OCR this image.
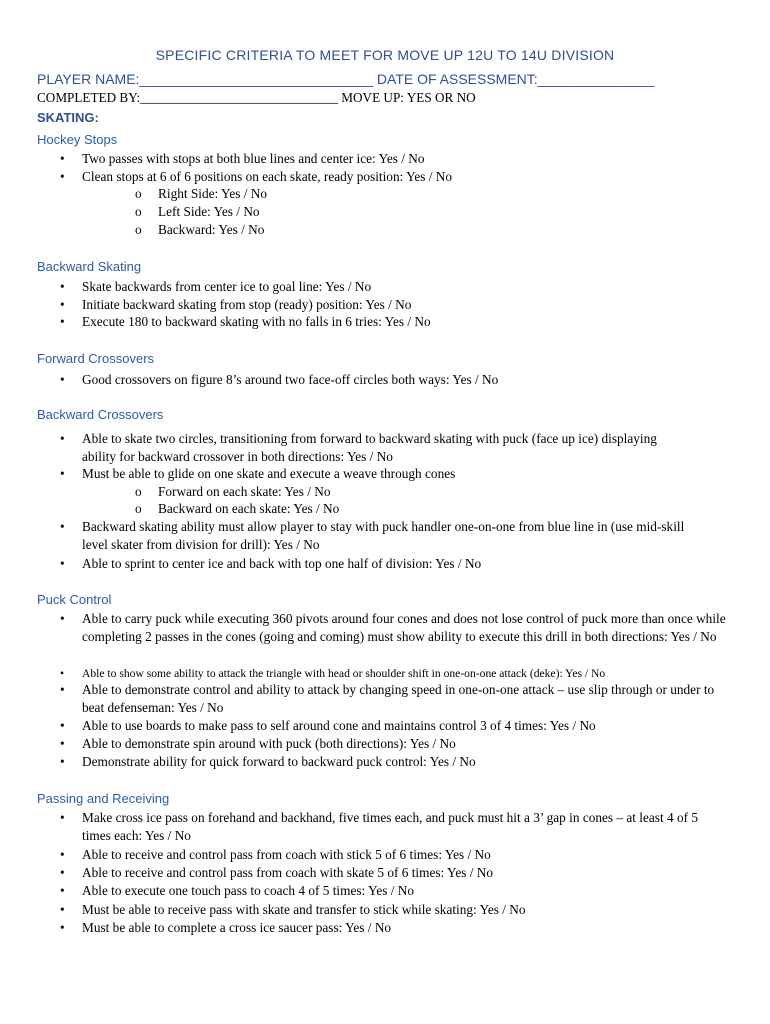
SPECIFIC CRITERIA TO MEET FOR MOVE UP 12U TO 14U DIVISION
PLAYER NAME:______________________________ DATE OF ASSESSMENT:_______________
COMPLETED BY:______________________________ MOVE UP: YES OR NO
SKATING:
Hockey Stops
• Two passes with stops at both blue lines and center ice: Yes / No
• Clean stops at 6 of 6 positions on each skate, ready position: Yes / No
o Right Side: Yes / No
o Left Side: Yes / No
o Backward: Yes / No
Backward Skating
• Skate backwards from center ice to goal line: Yes / No
• Initiate backward skating from stop (ready) position: Yes / No
• Execute 180 to backward skating with no falls in 6 tries: Yes / No
Forward Crossovers
• Good crossovers on figure 8’s around two face-off circles both ways: Yes / No
Backward Crossovers
• Able to skate two circles, transitioning from forward to backward skating with puck (face up ice) displaying ability for backward crossover in both directions: Yes / No
• Must be able to glide on one skate and execute a weave through cones
o Forward on each skate: Yes / No
o Backward on each skate: Yes / No
• Backward skating ability must allow player to stay with puck handler one-on-one from blue line in (use mid-skill level skater from division for drill): Yes / No
• Able to sprint to center ice and back with top one half of division: Yes / No
Puck Control
• Able to carry puck while executing 360 pivots around four cones and does not lose control of puck more than once while completing 2 passes in the cones (going and coming) must show ability to execute this drill in both directions: Yes / No
• Able to show some ability to attack the triangle with head or shoulder shift in one-on-one attack (deke): Yes / No
• Able to demonstrate control and ability to attack by changing speed in one-on-one attack – use slip through or under to beat defenseman: Yes / No
• Able to use boards to make pass to self around cone and maintains control 3 of 4 times: Yes / No
• Able to demonstrate spin around with puck (both directions): Yes / No
• Demonstrate ability for quick forward to backward puck control: Yes / No
Passing and Receiving
• Make cross ice pass on forehand and backhand, five times each, and puck must hit a 3’ gap in cones – at least 4 of 5 times each: Yes / No
• Able to receive and control pass from coach with stick 5 of 6 times: Yes / No
• Able to receive and control pass from coach with skate 5 of 6 times: Yes / No
• Able to execute one touch pass to coach 4 of 5 times: Yes / No
• Must be able to receive pass with skate and transfer to stick while skating: Yes / No
• Must be able to complete a cross ice saucer pass: Yes / No
